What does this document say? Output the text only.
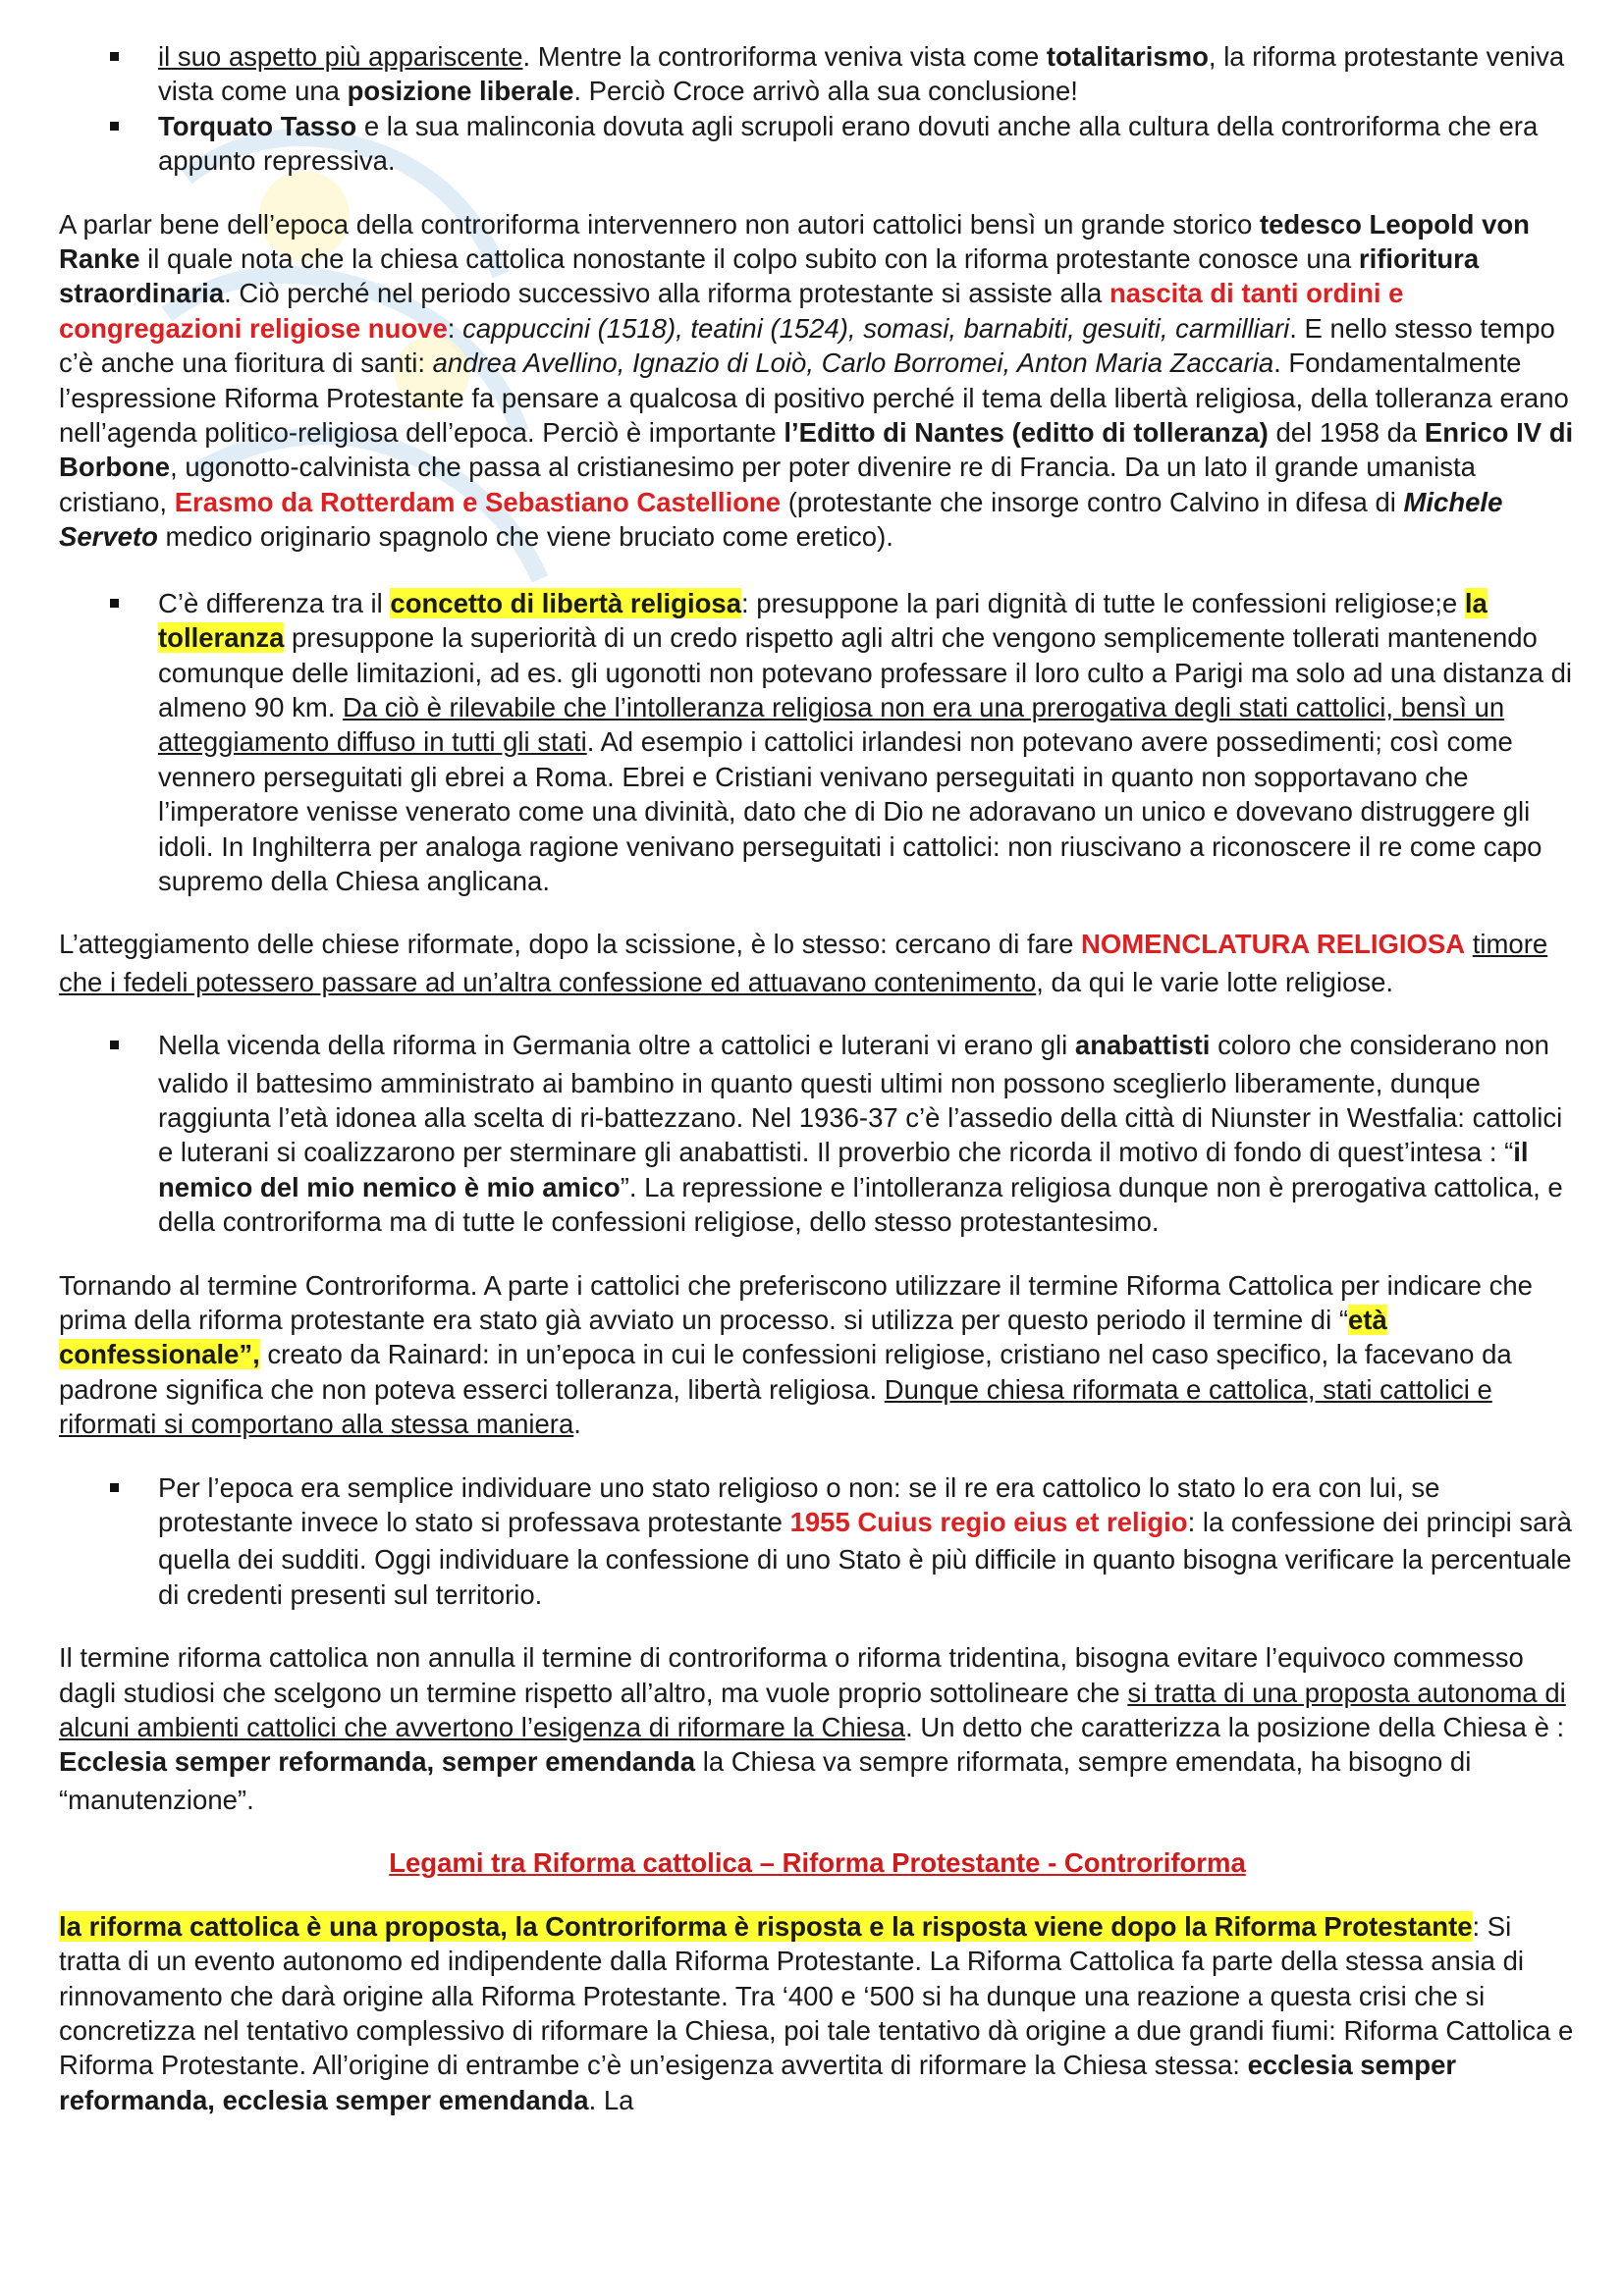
il suo aspetto più appariscente. Mentre la controriforma veniva vista come totalitarismo, la riforma protestante veniva vista come una posizione liberale. Perciò Croce arrivò alla sua conclusione!
Torquato Tasso e la sua malinconia dovuta agli scrupoli erano dovuti anche alla cultura della controriforma che era appunto repressiva.

A parlar bene dell’epoca della controriforma intervennero non autori cattolici bensì un grande storico tedesco Leopold von Ranke il quale nota che la chiesa cattolica nonostante il colpo subito con la riforma protestante conosce una rifioritura straordinaria. Ciò perché nel periodo successivo alla riforma protestante si assiste alla nascita di tanti ordini e congregazioni religiose nuove: cappuccini (1518), teatini (1524), somasi, barnabiti, gesuiti, carmilliari. E nello stesso tempo c’è anche una fioritura di santi: andrea Avellino, Ignazio di Loiò, Carlo Borromei, Anton Maria Zaccaria. Fondamentalmente l’espressione Riforma Protestante fa pensare a qualcosa di positivo perché il tema della libertà religiosa, della tolleranza erano nell’agenda politico-religiosa dell’epoca. Perciò è importante l’Editto di Nantes (editto di tolleranza) del 1958 da Enrico IV di Borbone, ugonotto-calvinista che passa al cristianesimo per poter divenire re di Francia. Da un lato il grande umanista cristiano, Erasmo da Rotterdam e Sebastiano Castellione (protestante che insorge contro Calvino in difesa di Michele Serveto medico originario spagnolo che viene bruciato come eretico).

C’è differenza tra il concetto di libertà religiosa: presuppone la pari dignità di tutte le confessioni religiose;e la tolleranza presuppone la superiorità di un credo rispetto agli altri che vengono semplicemente tollerati mantenendo comunque delle limitazioni, ad es. gli ugonotti non potevano professare il loro culto a Parigi ma solo ad una distanza di almeno 90 km. Da ciò è rilevabile che l’intolleranza religiosa non era una prerogativa degli stati cattolici, bensì un atteggiamento diffuso in tutti gli stati. Ad esempio i cattolici irlandesi non potevano avere possedimenti; così come vennero perseguitati gli ebrei a Roma. Ebrei e Cristiani venivano perseguitati in quanto non sopportavano che l’imperatore venisse venerato come una divinità, dato che di Dio ne adoravano un unico e dovevano distruggere gli idoli. In Inghilterra per analoga ragione venivano perseguitati i cattolici: non riuscivano a riconoscere il re come capo supremo della Chiesa anglicana.

L’atteggiamento delle chiese riformate, dopo la scissione, è lo stesso: cercano di fare NOMENCLATURA RELIGIOSA timore che i fedeli potessero passare ad un’altra confessione ed attuavano contenimento, da qui le varie lotte religiose.

Nella vicenda della riforma in Germania oltre a cattolici e luterani vi erano gli anabattisti coloro che considerano non valido il battesimo amministrato ai bambino in quanto questi ultimi non possono sceglierlo liberamente, dunque raggiunta l’età idonea alla scelta di ri-battezzano. Nel 1936-37 c’è l’assedio della città di Niunster in Westfalia: cattolici e luterani si coalizzarono per sterminare gli anabattisti. Il proverbio che ricorda il motivo di fondo di quest’intesa : “il nemico del mio nemico è mio amico”. La repressione e l’intolleranza religiosa dunque non è prerogativa cattolica, e della controriforma ma di tutte le confessioni religiose, dello stesso protestantesimo.

Tornando al termine Controriforma. A parte i cattolici che preferiscono utilizzare il termine Riforma Cattolica per indicare che prima della riforma protestante era stato già avviato un processo. si utilizza per questo periodo il termine di “età confessionale”, creato da Rainard: in un’epoca in cui le confessioni religiose, cristiano nel caso specifico, la facevano da padrone significa che non poteva esserci tolleranza, libertà religiosa. Dunque chiesa riformata e cattolica, stati cattolici e riformati si comportano alla stessa maniera.

Per l’epoca era semplice individuare uno stato religioso o non: se il re era cattolico lo stato lo era con lui, se protestante invece lo stato si professava protestante 1955 Cuius regio eius et religio: la confessione dei principi sarà quella dei sudditi. Oggi individuare la confessione di uno Stato è più difficile in quanto bisogna verificare la percentuale di credenti presenti sul territorio.

Il termine riforma cattolica non annulla il termine di controriforma o riforma tridentina, bisogna evitare l’equivoco commesso dagli studiosi che scelgono un termine rispetto all’altro, ma vuole proprio sottolineare che si tratta di una proposta autonoma di alcuni ambienti cattolici che avvertono l’esigenza di riformare la Chiesa. Un detto che caratterizza la posizione della Chiesa è : Ecclesia semper reformanda, semper emendanda la Chiesa va sempre riformata, sempre emendata, ha bisogno di “manutenzione”.

Legami tra Riforma cattolica – Riforma Protestante - Controriforma

la riforma cattolica è una proposta, la Controriforma è risposta e la risposta viene dopo la Riforma Protestante: Si tratta di un evento autonomo ed indipendente dalla Riforma Protestante. La Riforma Cattolica fa parte della stessa ansia di rinnovamento che darà origine alla Riforma Protestante. Tra ‘400 e ‘500 si ha dunque una reazione a questa crisi che si concretizza nel tentativo complessivo di riformare la Chiesa, poi tale tentativo dà origine a due grandi fiumi: Riforma Cattolica e Riforma Protestante. All’origine di entrambe c’è un’esigenza avvertita di riformare la Chiesa stessa: ecclesia semper reformanda, ecclesia semper emendanda. La
